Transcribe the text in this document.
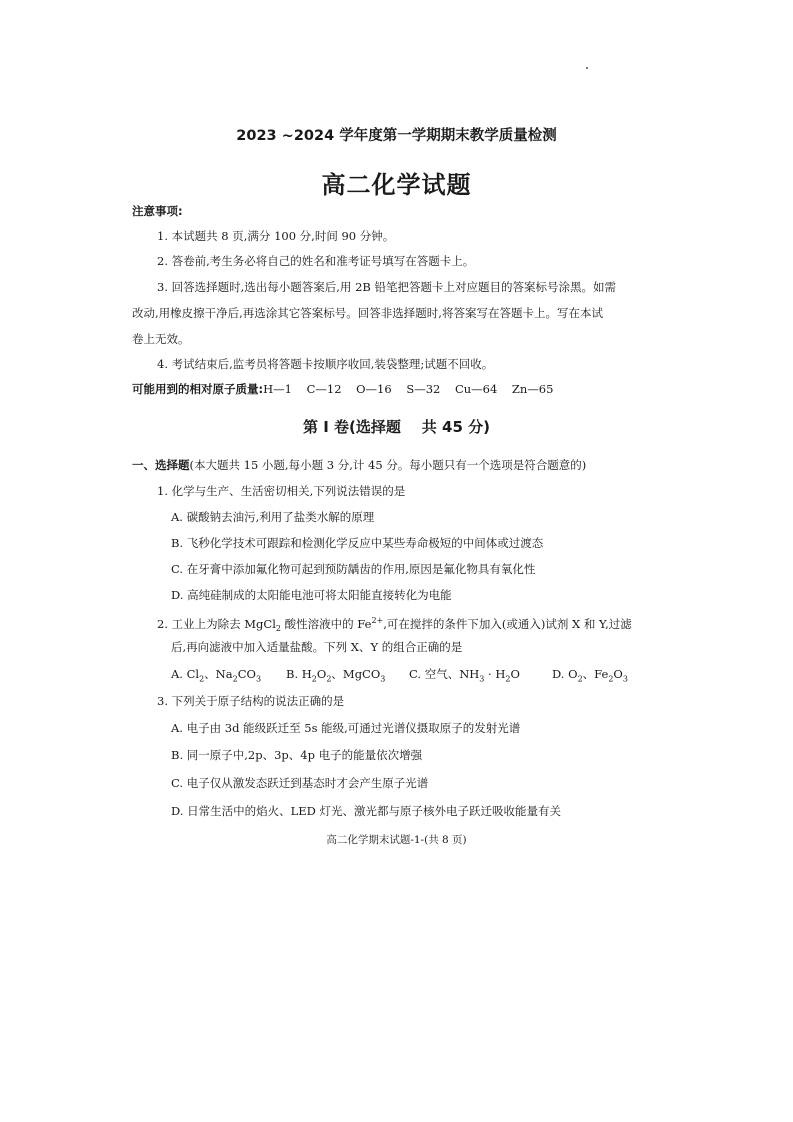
2023 ~2024 学年度第一学期期末教学质量检测
高二化学试题
注意事项:
1. 本试题共 8 页,满分 100 分,时间 90 分钟。
2. 答卷前,考生务必将自己的姓名和准考证号填写在答题卡上。
3. 回答选择题时,选出每小题答案后,用 2B 铅笔把答题卡上对应题目的答案标号涂黑。如需
改动,用橡皮擦干净后,再选涂其它答案标号。回答非选择题时,将答案写在答题卡上。写在本试
卷上无效。
4. 考试结束后,监考员将答题卡按顺序收回,装袋整理;试题不回收。
可能用到的相对原子质量:H—1    C—12    O—16    S—32    Cu—64    Zn—65
第 Ⅰ 卷(选择题    共 45 分)
一、选择题(本大题共 15 小题,每小题 3 分,计 45 分。每小题只有一个选项是符合题意的)
1. 化学与生产、生活密切相关,下列说法错误的是
A. 碳酸钠去油污,利用了盐类水解的原理
B. 飞秒化学技术可跟踪和检测化学反应中某些寿命极短的中间体或过渡态
C. 在牙膏中添加氟化物可起到预防龋齿的作用,原因是氟化物具有氧化性
D. 高纯硅制成的太阳能电池可将太阳能直接转化为电能
2. 工业上为除去 MgCl$_2$ 酸性溶液中的 $Fe^{2+}$,可在搅拌的条件下加入(或通入)试剂 X 和 Y,过滤
后,再向滤液中加入适量盐酸。下列 X、Y 的组合正确的是
A. $Cl_2$、$Na_2CO_3$ B. $H_2O_2$、MgCO$_3$ C. 空气、$NH_3 \cdot H_2O$	D. $O_2$、$Fe_2O_3$
3. 下列关于原子结构的说法正确的是
A. 电子由 3d 能级跃迁至 5s 能级,可通过光谱仪摄取原子的发射光谱
B. 同一原子中,2p、3p、4p 电子的能量依次增强
C. 电子仅从激发态跃迁到基态时才会产生原子光谱
D. 日常生活中的焰火、LED 灯光、激光都与原子核外电子跃迁吸收能量有关
高二化学期末试题-1-(共 8 页)
